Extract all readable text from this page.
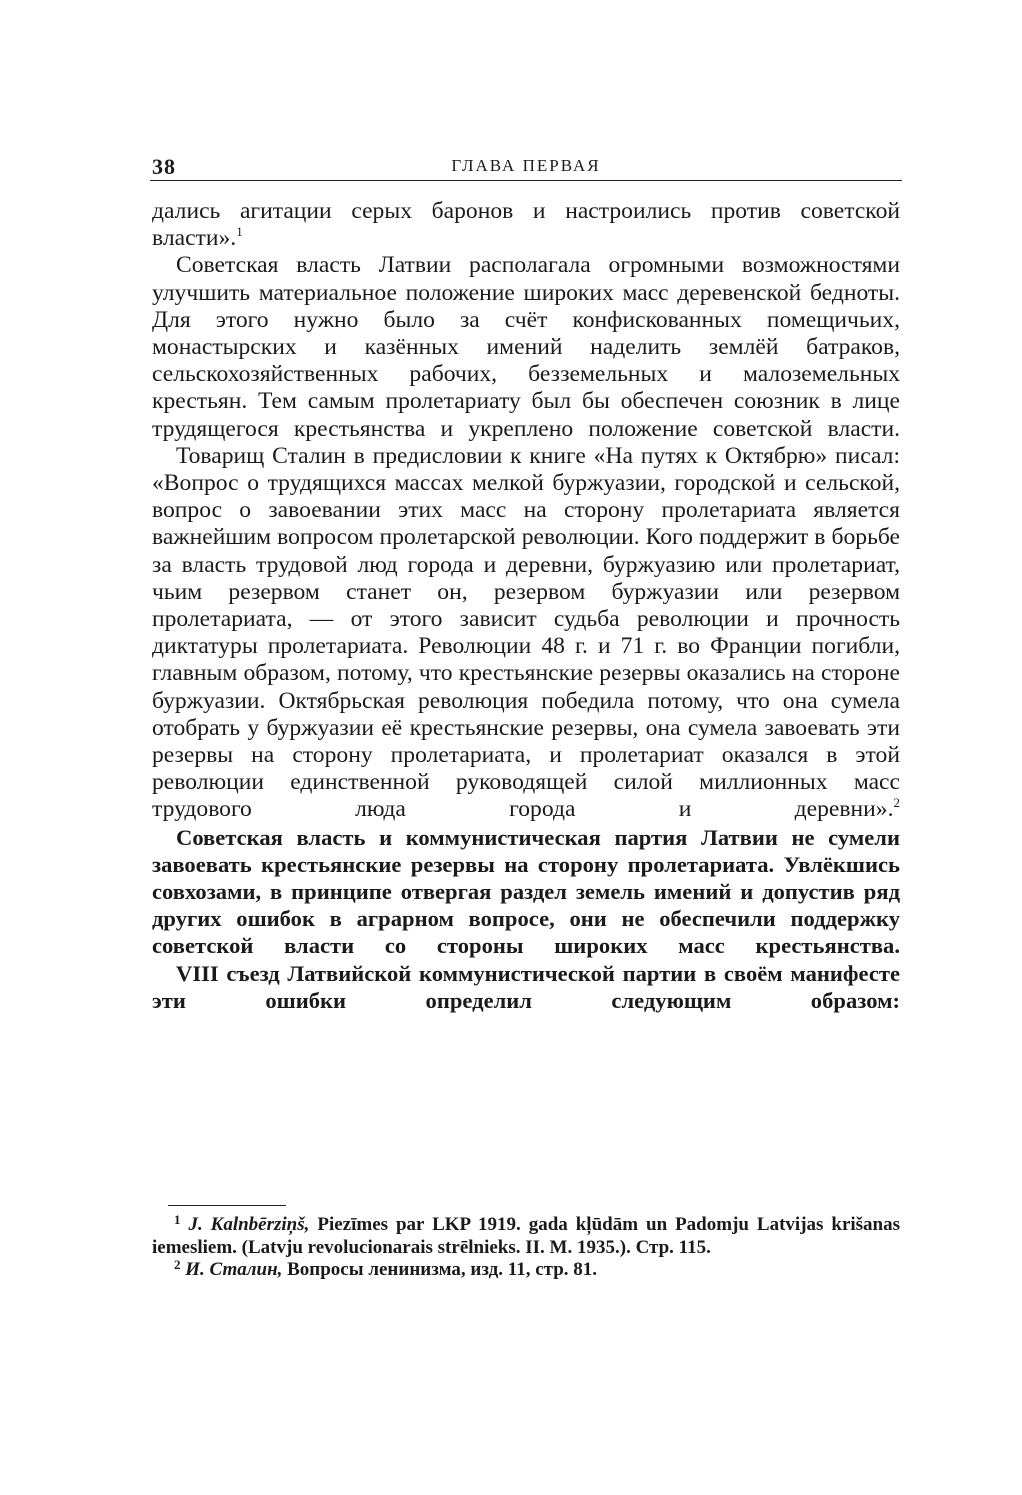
38	ГЛАВА ПЕРВАЯ

дались агитации серых баронов и настроились против советской власти».$^1$

Советская власть Латвии располагала огромными возможностями улучшить материальное положение широких масс деревенской бедноты. Для этого нужно было за счёт конфискованных помещичьих, монастырских и казённых имений наделить землёй батраков, сельскохозяйственных рабочих, безземельных и малоземельных крестьян. Тем самым пролетариату был бы обеспечен союзник в лице трудящегося крестьянства и укреплено положение советской власти.

Товарищ Сталин в предисловии к книге «На путях к Октябрю» писал: «Вопрос о трудящихся массах мелкой буржуазии, городской и сельской, вопрос о завоевании этих масс на сторону пролетариата является важнейшим вопросом пролетарской революции. Кого поддержит в борьбе за власть трудовой люд города и деревни, буржуазию или пролетариат, чьим резервом станет он, резервом буржуазии или резервом пролетариата, — от этого зависит судьба революции и прочность диктатуры пролетариата. Революции 48 г. и 71 г. во Франции погибли, главным образом, потому, что крестьянские резервы оказались на стороне буржуазии. Октябрьская революция победила потому, что она сумела отобрать у буржуазии её крестьянские резервы, она сумела завоевать эти резервы на сторону пролетариата, и пролетариат оказался в этой революции единственной руководящей силой миллионных масс трудового люда города и деревни».$^2$

Советская власть и коммунистическая партия Латвии не сумели завоевать крестьянские резервы на сторону пролетариата. Увлёкшись совхозами, в принципе отвергая раздел земель имений и допустив ряд других ошибок в аграрном вопросе, они не обеспечили поддержку советской власти со стороны широких масс крестьянства.

VIII съезд Латвийской коммунистической партии в своём манифесте эти ошибки определил следующим образом:

$^1$ J. Kalnbērziņš, Piezīmes par LKP 1919. gada kļūdām un Padomju Latvijas krišanas iemesliem. (Latvju revolucionarais strēlnieks. II. M. 1935.). Стр. 115.

$^2$ И. Сталин, Вопросы ленинизма, изд. 11, стр. 81.
